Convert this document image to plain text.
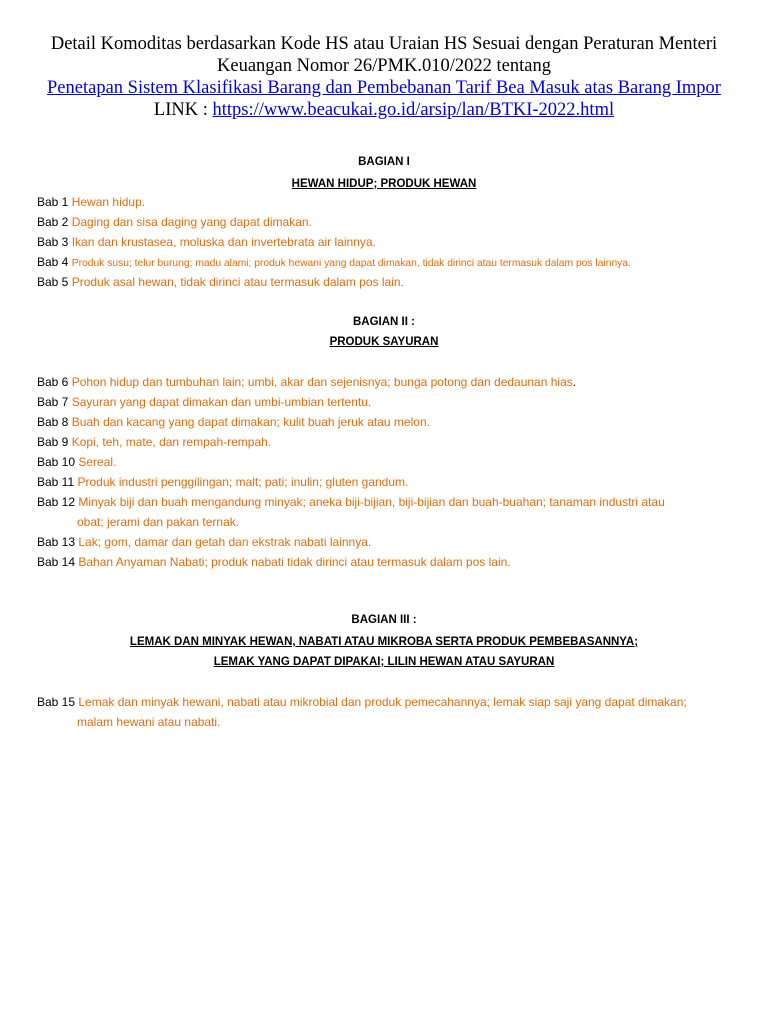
Detail Komoditas berdasarkan Kode HS atau Uraian HS Sesuai dengan Peraturan Menteri
Keuangan Nomor 26/PMK.010/2022 tentang
Penetapan Sistem Klasifikasi Barang dan Pembebanan Tarif Bea Masuk atas Barang Impor
LINK : https://www.beacukai.go.id/arsip/lan/BTKI-2022.html
BAGIAN I
HEWAN HIDUP; PRODUK HEWAN
Bab 1 Hewan hidup.
Bab 2 Daging dan sisa daging yang dapat dimakan.
Bab 3 Ikan dan krustasea, moluska dan invertebrata air lainnya.
Bab 4 Produk susu; telur burung; madu alami; produk hewani yang dapat dimakan, tidak dirinci atau termasuk dalam pos lainnya.
Bab 5 Produk asal hewan, tidak dirinci atau termasuk dalam pos lain.
BAGIAN II :
PRODUK SAYURAN
Bab 6 Pohon hidup dan tumbuhan lain; umbi, akar dan sejenisnya; bunga potong dan dedaunan hias.
Bab 7 Sayuran yang dapat dimakan dan umbi-umbian tertentu.
Bab 8 Buah dan kacang yang dapat dimakan; kulit buah jeruk atau melon.
Bab 9 Kopi, teh, mate, dan rempah-rempah.
Bab 10 Sereal.
Bab 11 Produk industri penggilingan; malt; pati; inulin; gluten gandum.
Bab 12 Minyak biji dan buah mengandung minyak; aneka biji-bijian, biji-bijian dan buah-buahan; tanaman industri atau
obat; jerami dan pakan ternak.
Bab 13 Lak; gom, damar dan getah dan ekstrak nabati lainnya.
Bab 14 Bahan Anyaman Nabati; produk nabati tidak dirinci atau termasuk dalam pos lain.
BAGIAN III :
LEMAK DAN MINYAK HEWAN, NABATI ATAU MIKROBA SERTA PRODUK PEMBEBASANNYA;
LEMAK YANG DAPAT DIPAKAI; LILIN HEWAN ATAU SAYURAN
Bab 15 Lemak dan minyak hewani, nabati atau mikrobial dan produk pemecahannya; lemak siap saji yang dapat dimakan;
malam hewani atau nabati.
